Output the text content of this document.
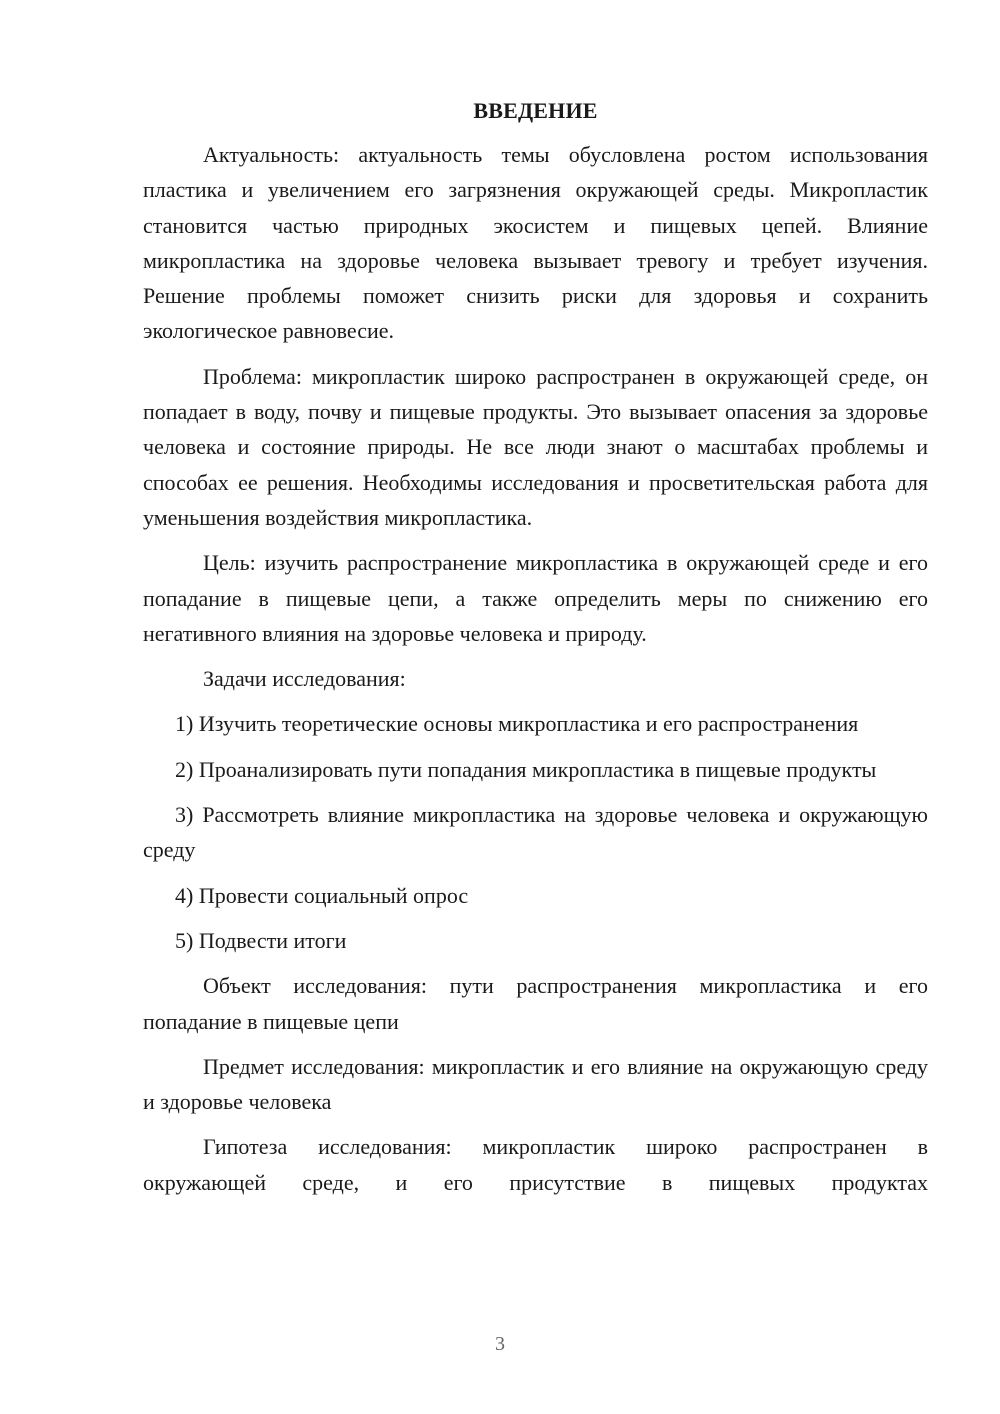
ВВЕДЕНИЕ

Актуальность: актуальность темы обусловлена ростом использования пластика и увеличением его загрязнения окружающей среды. Микропластик становится частью природных экосистем и пищевых цепей. Влияние микропластика на здоровье человека вызывает тревогу и требует изучения. Решение проблемы поможет снизить риски для здоровья и сохранить экологическое равновесие.

Проблема: микропластик широко распространен в окружающей среде, он попадает в воду, почву и пищевые продукты. Это вызывает опасения за здоровье человека и состояние природы. Не все люди знают о масштабах проблемы и способах ее решения. Необходимы исследования и просветительская работа для уменьшения воздействия микропластика.

Цель: изучить распространение микропластика в окружающей среде и его попадание в пищевые цепи, а также определить меры по снижению его негативного влияния на здоровье человека и природу.

Задачи исследования:

1) Изучить теоретические основы микропластика и его распространения

2) Проанализировать пути попадания микропластика в пищевые продукты

3) Рассмотреть влияние микропластика на здоровье человека и окружающую среду

4) Провести социальный опрос

5) Подвести итоги

Объект исследования: пути распространения микропластика и его попадание в пищевые цепи

Предмет исследования: микропластик и его влияние на окружающую среду и здоровье человека

Гипотеза исследования: микропластик широко распространен в окружающей среде, и его присутствие в пищевых продуктах

3
